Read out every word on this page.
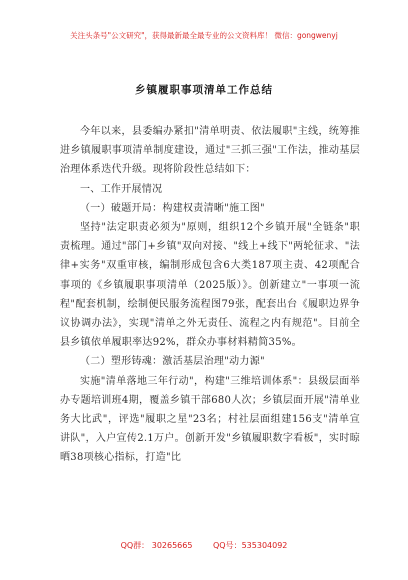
关注头条号"公文研究"，获得最新最全最专业的公文资料库！ 微信：gongwenyj
乡镇履职事项清单工作总结

今年以来，县委编办紧扣"清单明责、依法履职"主线，统筹推进乡镇履职事项清单制度建设，通过"三抓三强"工作法，推动基层治理体系迭代升级。现将阶段性总结如下：

一、工作开展情况

（一）破题开局：构建权责清晰"施工图"

坚持"法定职责必须为"原则，组织12个乡镇开展"全链条"职责梳理。通过"部门+乡镇"双向对接、"线上+线下"两轮征求、"法律+实务"双重审核，编制形成包含6大类187项主责、42项配合事项的《乡镇履职事项清单（2025版）》。创新建立"一事项一流程"配套机制，绘制便民服务流程图79张，配套出台《履职边界争议协调办法》，实现"清单之外无责任、流程之内有规范"。目前全县乡镇依单履职率达92%，群众办事材料精简35%。

（二）塑形铸魂：激活基层治理"动力源"

实施"清单落地三年行动"，构建"三维培训体系"：县级层面举办专题培训班4期，覆盖乡镇干部680人次；乡镇层面开展"清单业务大比武"，评选"履职之星"23名；村社层面组建156支"清单宣讲队"，入户宣传2.1万户。创新开发"乡镇履职数字看板"，实时晾晒38项核心指标，打造"比

QQ群： 30265665	QQ号：535304092
